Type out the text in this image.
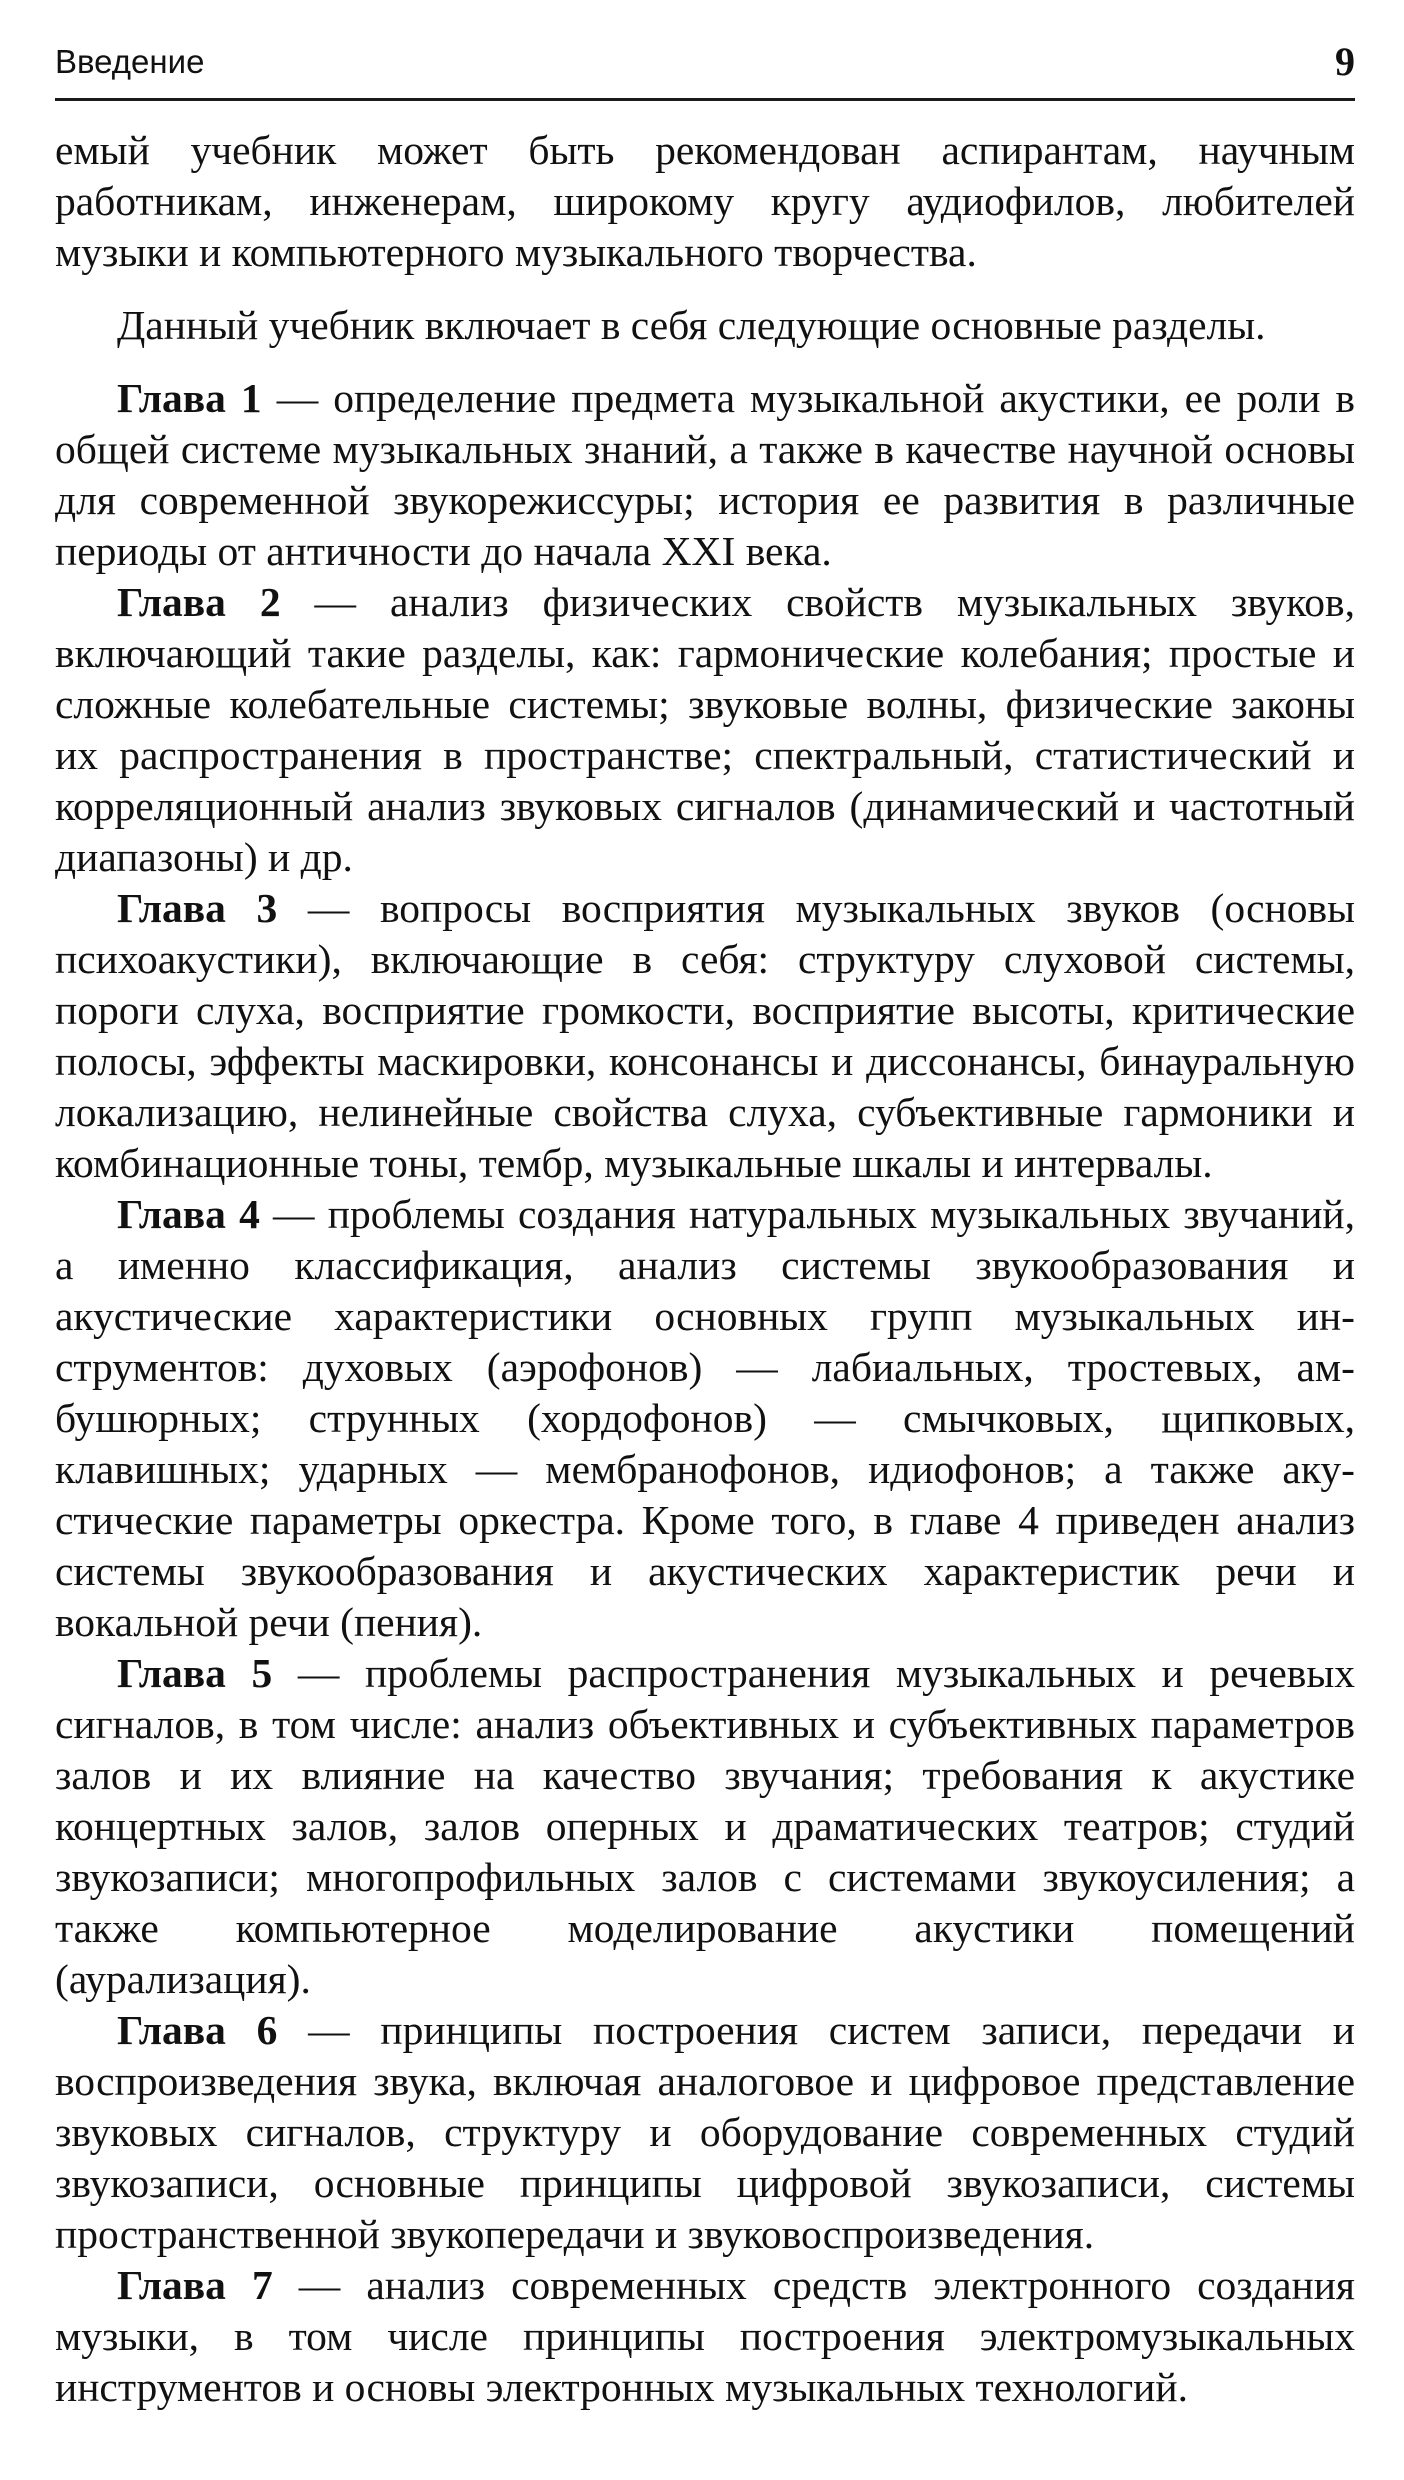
Введение	9

емый учебник может быть рекомендован аспирантам, научным работникам, инженерам, широкому кругу аудиофилов, любителей музыки и компьютерного музыкального творчества.

Данный учебник включает в себя следующие основные разделы.

Глава 1 — определение предмета музыкальной акустики, ее роли в общей системе музыкальных знаний, а также в качестве научной основы для современной звукорежиссуры; история ее развития в различные периоды от античности до начала XXI века.

Глава 2 — анализ физических свойств музыкальных звуков, включающий такие разделы, как: гармонические колебания; простые и сложные колебательные системы; звуковые волны, физические законы их распространения в пространстве; спектральный, статистический и корреляционный анализ звуковых сигналов (динамический и частотный диапазоны) и др.

Глава 3 — вопросы восприятия музыкальных звуков (основы психоакустики), включающие в себя: структуру слуховой системы, пороги слуха, восприятие громкости, восприятие высоты, критические полосы, эффекты маскировки, консонансы и диссонансы, бинауральную локализацию, нелинейные свойства слуха, субъективные гармоники и комбинационные тоны, тембр, музыкальные шкалы и интервалы.

Глава 4 — проблемы создания натуральных музыкальных звучаний, а именно классификация, анализ системы звукообразования и акустические характеристики основных групп музыкальных инструментов: духовых (аэрофонов) — лабиальных, тростевых, амбушюрных; струнных (хордофонов) — смычковых, щипковых, клавишных; ударных — мембранофонов, идиофонов; а также акустические параметры оркестра. Кроме того, в главе 4 приведен анализ системы звукообразования и акустических характеристик речи и вокальной речи (пения).

Глава 5 — проблемы распространения музыкальных и речевых сигналов, в том числе: анализ объективных и субъективных параметров залов и их влияние на качество звучания; требования к акустике концертных залов, залов оперных и драматических театров; студий звукозаписи; многопрофильных залов с системами звукоусиления; а также компьютерное моделирование акустики помещений (аурализация).

Глава 6 — принципы построения систем записи, передачи и воспроизведения звука, включая аналоговое и цифровое представление звуковых сигналов, структуру и оборудование современных студий звукозаписи, основные принципы цифровой звукозаписи, системы пространственной звукопередачи и звуковоспроизведения.

Глава 7 — анализ современных средств электронного создания музыки, в том числе принципы построения электромузыкальных инструментов и основы электронных музыкальных технологий.
